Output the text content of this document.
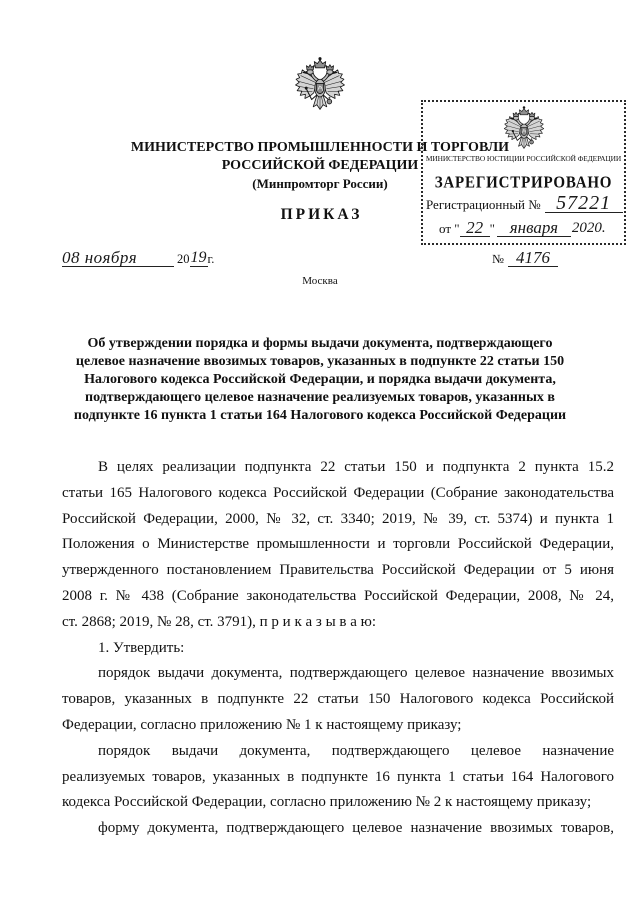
МИНИСТЕРСТВО ПРОМЫШЛЕННОСТИ И ТОРГОВЛИ
РОССИЙСКОЙ ФЕДЕРАЦИИ
(Минпромторг России)
ПРИКАЗ
МИНИСТЕРСТВО ЮСТИЦИИ РОССИЙСКОЙ ФЕДЕРАЦИИ
ЗАРЕГИСТРИРОВАНО
Регистрационный № 57221
от " 22 " января 2020.
08 ноября	20 19 г.	№ 4176
Москва
Об утверждении порядка и формы выдачи документа, подтверждающего
целевое назначение ввозимых товаров, указанных в подпункте 22 статьи 150
Налогового кодекса Российской Федерации, и порядка выдачи документа,
подтверждающего целевое назначение реализуемых товаров, указанных в
подпункте 16 пункта 1 статьи 164 Налогового кодекса Российской Федерации
В целях реализации подпункта 22 статьи 150 и подпункта 2 пункта 15.2
статьи 165 Налогового кодекса Российской Федерации (Собрание законодательства
Российской Федерации, 2000, № 32, ст. 3340; 2019, № 39, ст. 5374) и пункта 1
Положения о Министерстве промышленности и торговли Российской Федерации,
утвержденного постановлением Правительства Российской Федерации от 5 июня
2008 г. № 438 (Собрание законодательства Российской Федерации, 2008, № 24,
ст. 2868; 2019, № 28, ст. 3791), п р и к а з ы в а ю:
1. Утвердить:
порядок выдачи документа, подтверждающего целевое назначение ввозимых
товаров, указанных в подпункте 22 статьи 150 Налогового кодекса Российской
Федерации, согласно приложению № 1 к настоящему приказу;
порядок выдачи документа, подтверждающего целевое назначение
реализуемых товаров, указанных в подпункте 16 пункта 1 статьи 164 Налогового
кодекса Российской Федерации, согласно приложению № 2 к настоящему приказу;
форму документа, подтверждающего целевое назначение ввозимых товаров,
